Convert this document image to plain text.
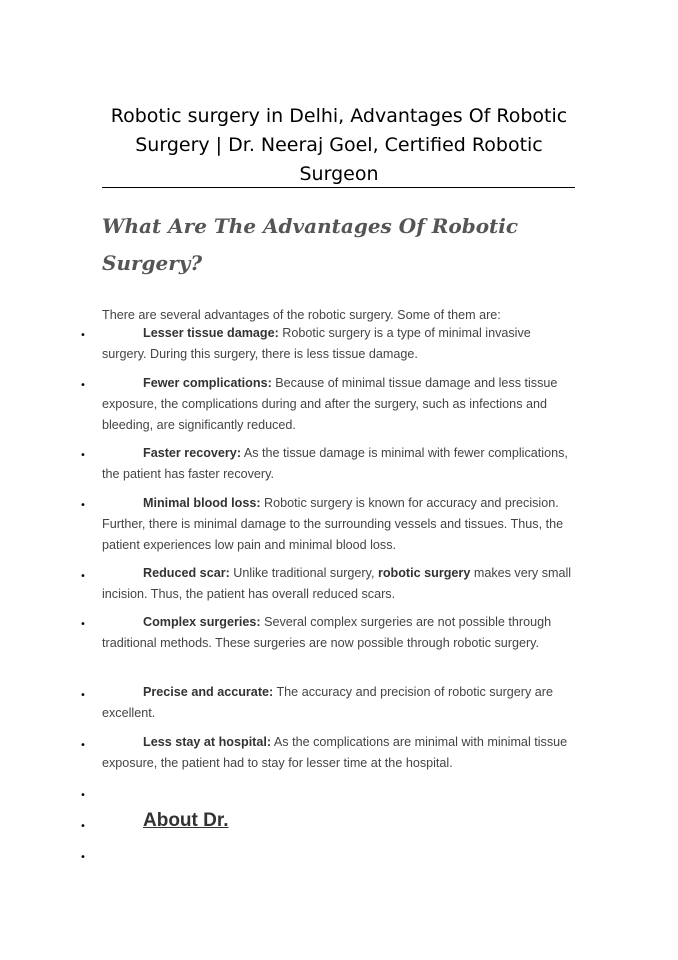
Robotic surgery in Delhi, Advantages Of Robotic Surgery | Dr. Neeraj Goel, Certified Robotic Surgeon
What Are The Advantages Of Robotic Surgery?

There are several advantages of the robotic surgery. Some of them are:

•	Lesser tissue damage: Robotic surgery is a type of minimal invasive surgery. During this surgery, there is less tissue damage.

•	Fewer complications: Because of minimal tissue damage and less tissue exposure, the complications during and after the surgery, such as infections and bleeding, are significantly reduced.

•	Faster recovery: As the tissue damage is minimal with fewer complications, the patient has faster recovery.

•	Minimal blood loss: Robotic surgery is known for accuracy and precision. Further, there is minimal damage to the surrounding vessels and tissues. Thus, the patient experiences low pain and minimal blood loss.

•	Reduced scar: Unlike traditional surgery, robotic surgery makes very small incision. Thus, the patient has overall reduced scars.

•	Complex surgeries: Several complex surgeries are not possible through traditional methods. These surgeries are now possible through robotic surgery.

•	Precise and accurate: The accuracy and precision of robotic surgery are excellent.

•	Less stay at hospital: As the complications are minimal with minimal tissue exposure, the patient had to stay for lesser time at the hospital.

•
•	About Dr.

•
